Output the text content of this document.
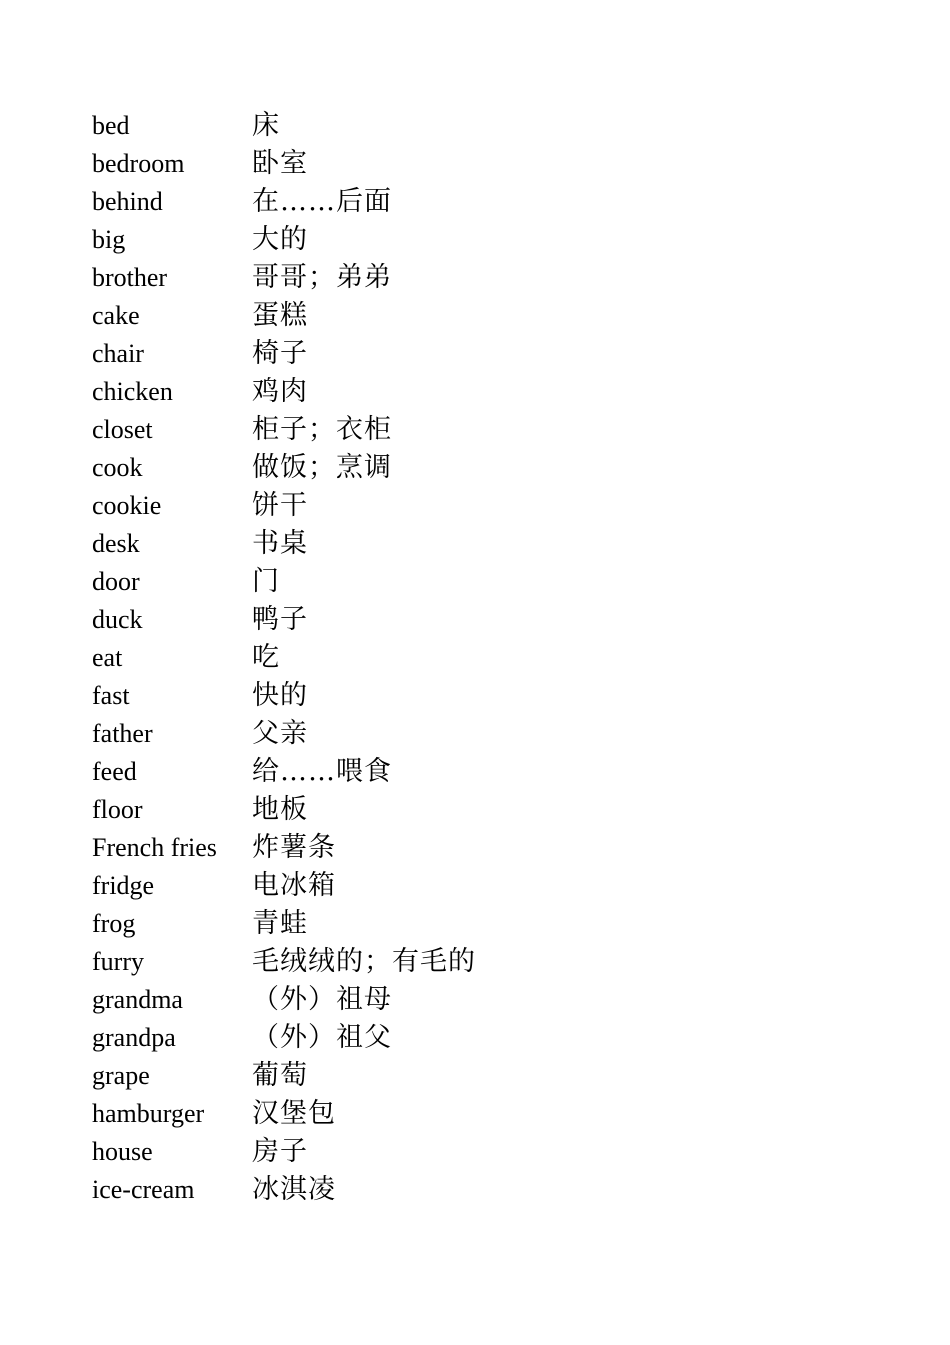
bed	床
bedroom	卧室
behind	在……后面
big	大的
brother	哥哥；弟弟
cake	蛋糕
chair	椅子
chicken	鸡肉
closet	柜子；衣柜
cook	做饭；烹调
cookie	饼干
desk	书桌
door	门
duck	鸭子
eat	吃
fast	快的
father	父亲
feed	给……喂食
floor	地板
French fries	炸薯条
fridge	电冰箱
frog	青蛙
furry	毛绒绒的；有毛的
grandma	（外）祖母
grandpa	（外）祖父
grape	葡萄
hamburger	汉堡包
house	房子
ice-cream	冰淇凌
